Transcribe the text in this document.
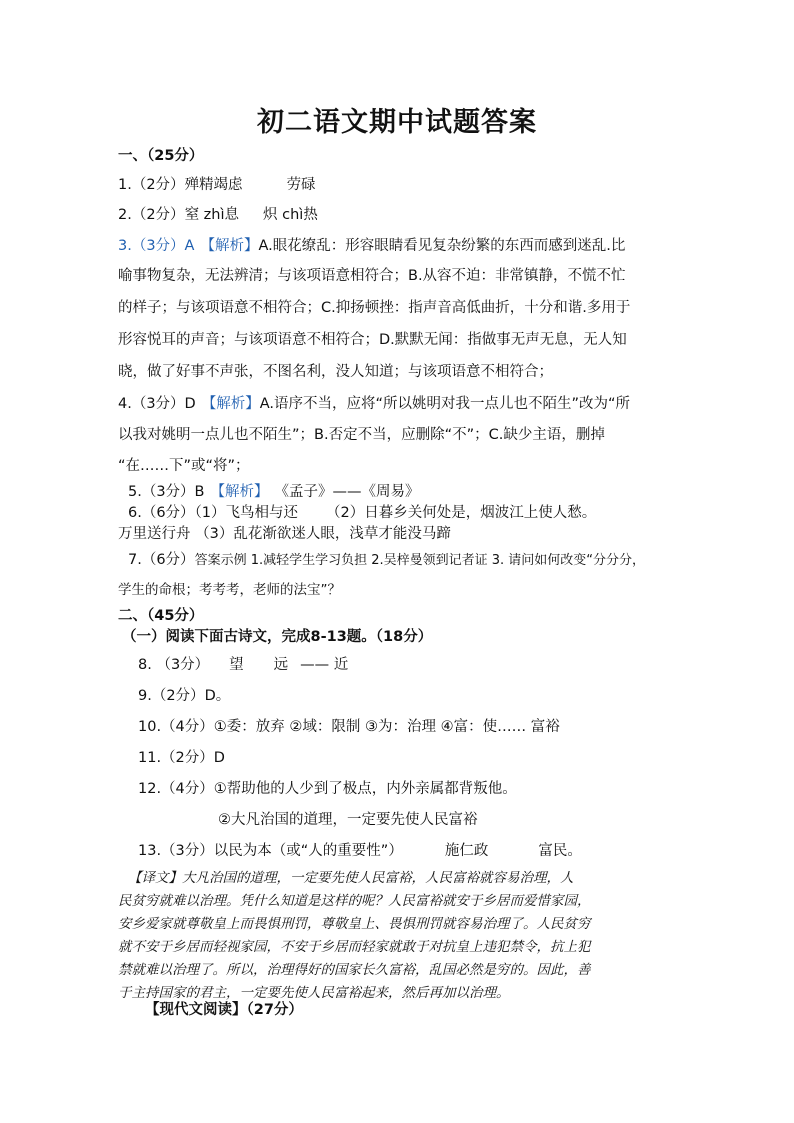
初二语文期中试题答案
一、（25分）
1.（2分）殚精竭虑	劳碌
2.（2分）窒 zhì息 炽 chì热
3.（3分）A 【解析】A.眼花缭乱：形容眼睛看见复杂纷繁的东西而感到迷乱.比
喻事物复杂，无法辨清；与该项语意相符合；B.从容不迫：非常镇静，不慌不忙
的样子；与该项语意不相符合；C.抑扬顿挫：指声音高低曲折，十分和谐.多用于
形容悦耳的声音；与该项语意不相符合；D.默默无闻：指做事无声无息，无人知
晓，做了好事不声张，不图名利，没人知道；与该项语意不相符合；
4.（3分）D 【解析】A.语序不当，应将“所以姚明对我一点儿也不陌生”改为“所
以我对姚明一点儿也不陌生”；B.否定不当，应删除“不”；C.缺少主语，删掉
“在……下”或“将”；
5.（3分）B 【解析】 《孟子》——《周易》
6.（6分）（1）飞鸟相与还 （2）日暮乡关何处是，烟波江上使人愁。
万里送行舟 （3）乱花渐欲迷人眼，浅草才能没马蹄
7.（6分）答案示例 1.减轻学生学习负担 2.吴梓曼领到记者证 3. 请问如何改变“分分分，
学生的命根；考考考，老师的法宝”？
二、（45分）
（一）阅读下面古诗文，完成8-13题。（18分）
8. （3分） 望 远 —— 近
9.（2分）D。
10.（4分）①委：放弃 ②域：限制 ③为：治理 ④富：使…… 富裕
11.（2分）D
12.（4分）①帮助他的人少到了极点，内外亲属都背叛他。
②大凡治国的道理，一定要先使人民富裕
13.（3分）以民为本（或“人的重要性”）	施仁政	富民。
【译文】大凡治国的道理，一定要先使人民富裕，人民富裕就容易治理，人
民贫穷就难以治理。凭什么知道是这样的呢？人民富裕就安于乡居而爱惜家园，
安乡爱家就尊敬皇上而畏惧刑罚，尊敬皇上、畏惧刑罚就容易治理了。人民贫穷
就不安于乡居而轻视家园，不安于乡居而轻家就敢于对抗皇上违犯禁令，抗上犯
禁就难以治理了。所以，治理得好的国家长久富裕，乱国必然是穷的。因此，善
于主持国家的君主，一定要先使人民富裕起来，然后再加以治理。
【现代文阅读】（27分）
